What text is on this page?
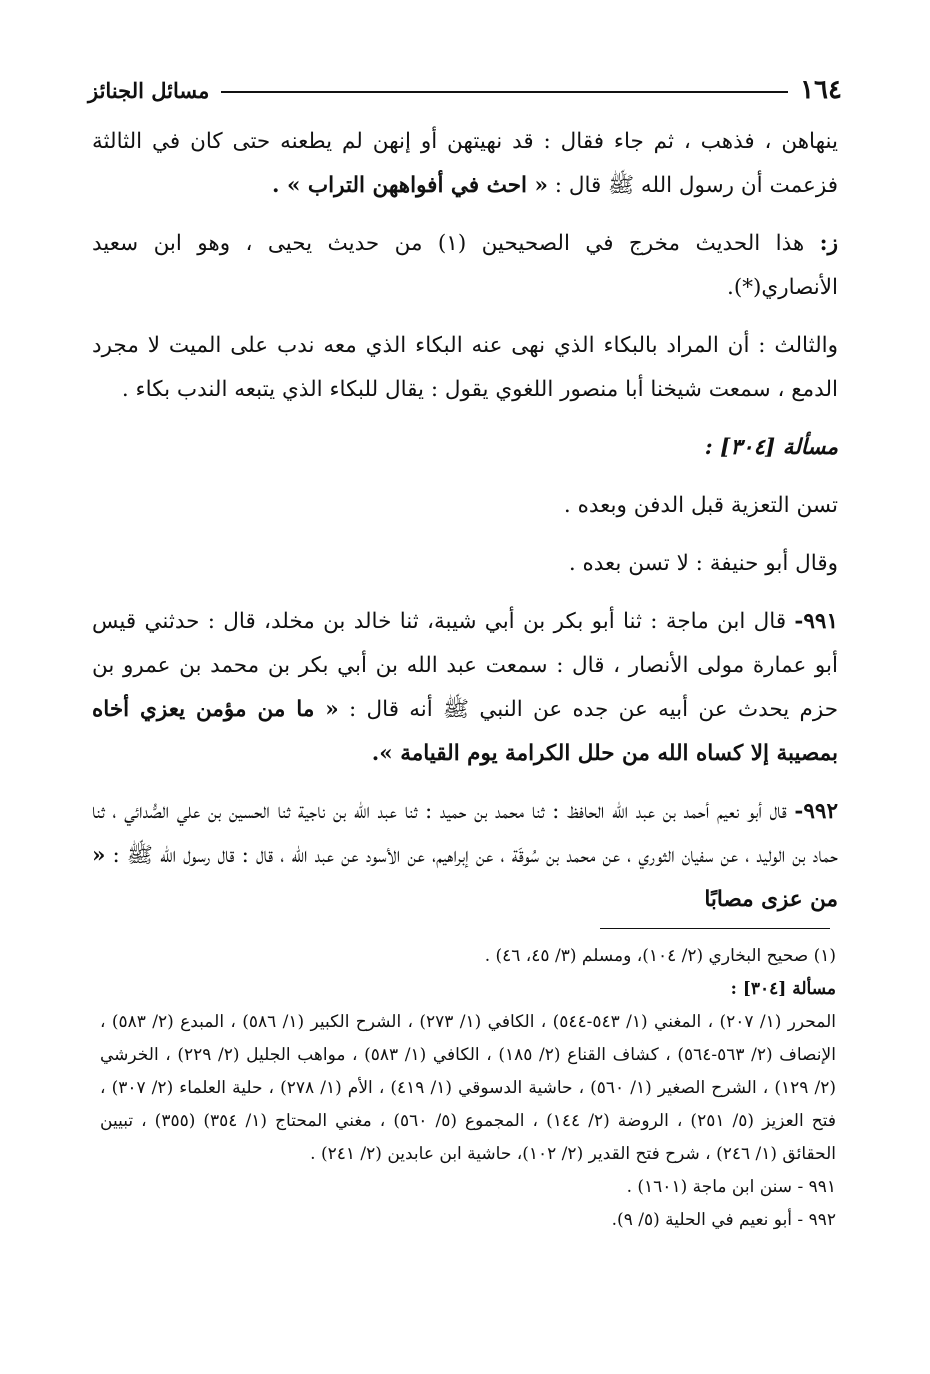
١٦٤
مسائل الجنائز

ينهاهن ، فذهب ، ثم جاء فقال : قد نهيتهن أو إنهن لم يطعنه حتى كان في الثالثة فزعمت أن رسول الله ﷺ قال : « احث في أفواههن التراب » .

ز: هذا الحديث مخرج في الصحيحين (١) من حديث يحيى ، وهو ابن سعيد الأنصاري(*).

والثالث : أن المراد بالبكاء الذي نهى عنه البكاء الذي معه ندب على الميت لا مجرد الدمع ، سمعت شيخنا أبا منصور اللغوي يقول : يقال للبكاء الذي يتبعه الندب بكاء .

مسألة [٣٠٤] :

تسن التعزية قبل الدفن وبعده .

وقال أبو حنيفة : لا تسن بعده .

٩٩١- قال ابن ماجة : ثنا أبو بكر بن أبي شيبة، ثنا خالد بن مخلد، قال : حدثني قيس أبو عمارة مولى الأنصار ، قال : سمعت عبد الله بن أبي بكر بن محمد بن عمرو بن حزم يحدث عن أبيه عن جده عن النبي ﷺ أنه قال : « ما من مؤمن يعزي أخاه بمصيبة إلا كساه الله من حلل الكرامة يوم القيامة ».

٩٩٢- قال أبو نعيم أحمد بن عبد الله الحافظ : ثنا محمد بن حميد : ثنا عبد الله بن ناجية ثنا الحسين بن علي الصُّدائي ، ثنا حماد بن الوليد ، عن سفيان الثوري ، عن محمد بن سُوقَة ، عن إبراهيم، عن الأسود عن عبد الله ، قال : قال رسول الله ﷺ : « من عزى مصابًا

(١) صحيح البخاري (٢/ ١٠٤)، ومسلم (٣/ ٤٥، ٤٦) .

مسألة [٣٠٤] :

المحرر (١/ ٢٠٧) ، المغني (١/ ٥٤٣-٥٤٤) ، الكافي (١/ ٢٧٣) ، الشرح الكبير (١/ ٥٨٦) ، المبدع (٢/ ٥٨٣) ، الإنصاف (٢/ ٥٦٣-٥٦٤) ، كشاف القناع (٢/ ١٨٥) ، الكافي (١/ ٥٨٣) ، مواهب الجليل (٢/ ٢٢٩) ، الخرشي (٢/ ١٢٩) ، الشرح الصغير (١/ ٥٦٠) ، حاشية الدسوقي (١/ ٤١٩) ، الأم (١/ ٢٧٨) ، حلية العلماء (٢/ ٣٠٧) ، فتح العزيز (٥/ ٢٥١) ، الروضة (٢/ ١٤٤) ، المجموع (٥/ ٥٦٠) ، مغني المحتاج (١/ ٣٥٤) (٣٥٥) ، تبيين الحقائق (١/ ٢٤٦) ، شرح فتح القدير (٢/ ١٠٢)، حاشية ابن عابدين (٢/ ٢٤١) .

٩٩١ - سنن ابن ماجة (١٦٠١) .

٩٩٢ - أبو نعيم في الحلية (٥/ ٩).
